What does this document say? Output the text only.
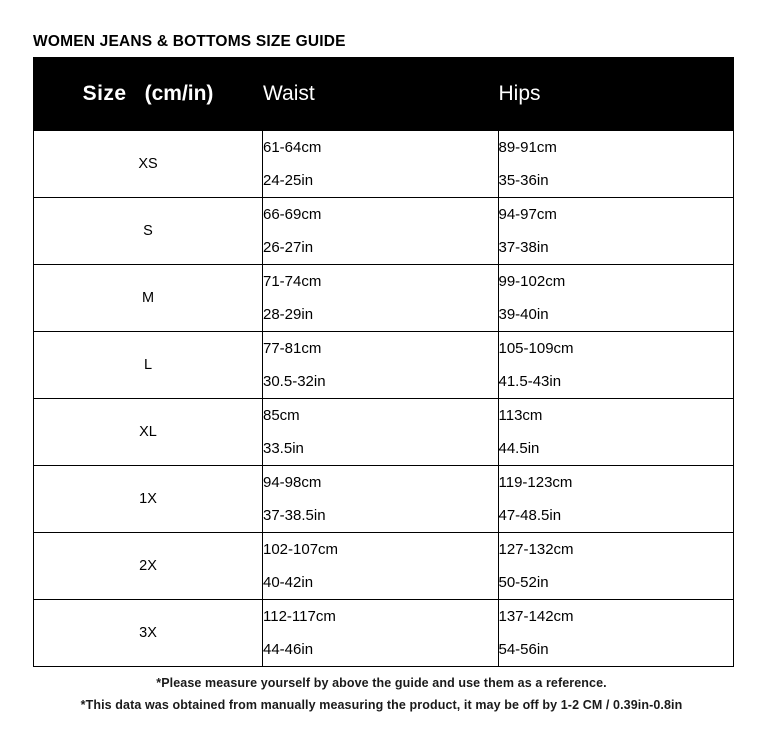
WOMEN JEANS & BOTTOMS SIZE GUIDE
Size (cm/in)	Waist	Hips
XS	61-64cm	89-91cm
	24-25in	35-36in
S	66-69cm	94-97cm
	26-27in	37-38in
M	71-74cm	99-102cm
	28-29in	39-40in
L	77-81cm	105-109cm
	30.5-32in	41.5-43in
XL	85cm	113cm
	33.5in	44.5in
1X	94-98cm	119-123cm
	37-38.5in	47-48.5in
2X	102-107cm	127-132cm
	40-42in	50-52in
3X	112-117cm	137-142cm
	44-46in	54-56in
*Please measure yourself by above the guide and use them as a reference.
*This data was obtained from manually measuring the product, it may be off by 1-2 CM / 0.39in-0.8in
